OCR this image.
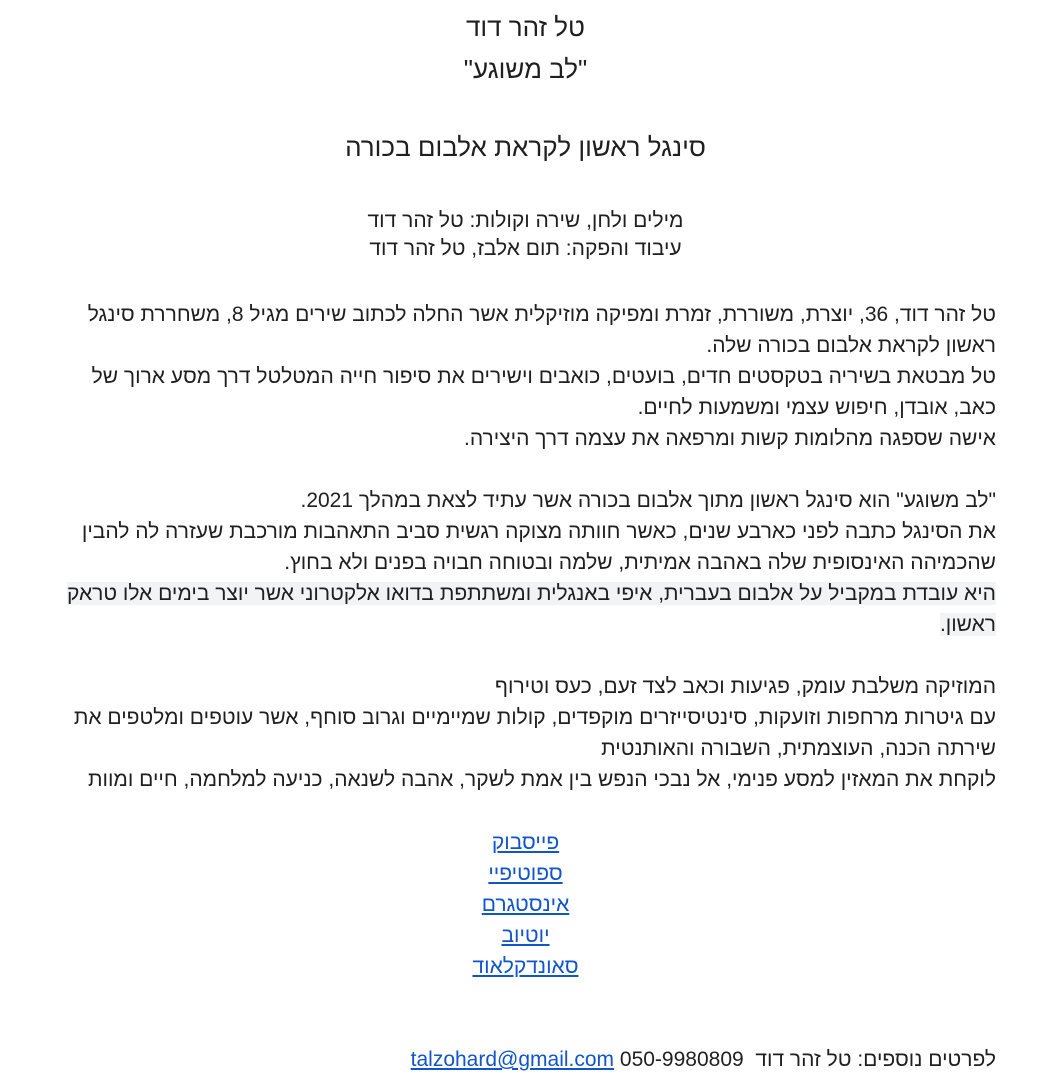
טל זהר דוד
"לב משוגע"
סינגל ראשון לקראת אלבום בכורה
מילים ולחן, שירה וקולות: טל זהר דוד
עיבוד והפקה: תום אלבז, טל זהר דוד
טל זהר דוד, 36, יוצרת, משוררת, זמרת ומפיקה מוזיקלית אשר החלה לכתוב שירים מגיל 8, משחררת סינגל
ראשון לקראת אלבום בכורה שלה.
טל מבטאת בשיריה בטקסטים חדים, בועטים, כואבים וישירים את סיפור חייה המטלטל דרך מסע ארוך של
כאב, אובדן, חיפוש עצמי ומשמעות לחיים.
אישה שספגה מהלומות קשות ומרפאה את עצמה דרך היצירה.
"לב משוגע" הוא סינגל ראשון מתוך אלבום בכורה אשר עתיד לצאת במהלך 2021.
את הסינגל כתבה לפני כארבע שנים, כאשר חוותה מצוקה רגשית סביב התאהבות מורכבת שעזרה לה להבין
שהכמיהה האינסופית שלה באהבה אמיתית, שלמה ובטוחה חבויה בפנים ולא בחוץ.
היא עובדת במקביל על אלבום בעברית, איפי באנגלית ומשתתפת בדואו אלקטרוני אשר יוצר בימים אלו טראק
ראשון.
המוזיקה משלבת עומק, פגיעות וכאב לצד זעם, כעס וטירוף
עם גיטרות מרחפות וזועקות, סינטיסייזרים מוקפדים, קולות שמיימיים וגרוב סוחף, אשר עוטפים ומלטפים את
שירתה הכנה, העוצמתית, השבורה והאותנטית
לוקחת את המאזין למסע פנימי, אל נבכי הנפש בין אמת לשקר, אהבה לשנאה, כניעה למלחמה, חיים ומוות
פייסבוק
ספוטיפיי
אינסטגרם
יוטיוב
סאונדקלאוד
לפרטים נוספים: טל זהר דוד  050-9980809 talzohard@gmail.com
